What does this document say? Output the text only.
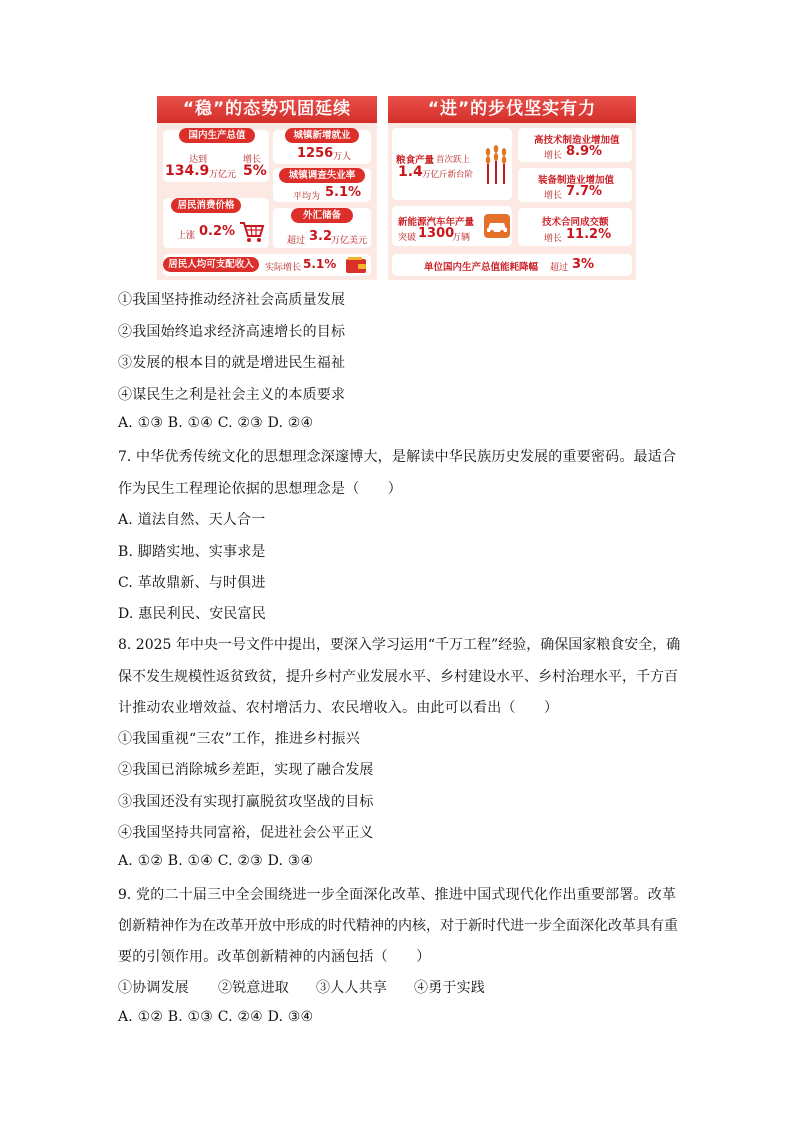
“稳”的态势巩固延续
国内生产总值
达到
134.9 万亿元
增长
5%
城镇新增就业
1256 万人
城镇调查失业率
平均为 5.1%
居民消费价格
上涨 0.2%
外汇储备
超过 3.2
万亿美元
居民人均可支配收入	实际增长 5.1%
“进”的步伐坚实有力
粮食产量 首次跃上
1.4 万亿斤新台阶
高技术制造业增加值
增长 8.9%
装备制造业增加值
增长 7.7%
新能源汽车年产量
突破 1300
万辆
技术合同成交额
增长 11.2%
单位国内生产总值能耗降幅 超过 3%
①我国坚持推动经济社会高质量发展
②我国始终追求经济高速增长的目标
③发展的根本目的就是增进民生福祉
④谋民生之利是社会主义的本质要求
A. ①③ B. ①④ C. ②③ D. ②④
7. 中华优秀传统文化的思想理念深邃博大，是解读中华民族历史发展的重要密码。最适合
作为民生工程理论依据的思想理念是（　　）
A. 道法自然、天人合一
B. 脚踏实地、实事求是
C. 革故鼎新、与时俱进
D. 惠民利民、安民富民
8. 2025 年中央一号文件中提出，要深入学习运用“千万工程”经验，确保国家粮食安全，确
保不发生规模性返贫致贫，提升乡村产业发展水平、乡村建设水平、乡村治理水平，千方百
计推动农业增效益、农村增活力、农民增收入。由此可以看出（　　）
①我国重视“三农”工作，推进乡村振兴
②我国已消除城乡差距，实现了融合发展
③我国还没有实现打赢脱贫攻坚战的目标
④我国坚持共同富裕，促进社会公平正义
A. ①② B. ①④ C. ②③ D. ③④
9. 党的二十届三中全会围绕进一步全面深化改革、推进中国式现代化作出重要部署。改革
创新精神作为在改革开放中形成的时代精神的内核，对于新时代进一步全面深化改革具有重
要的引领作用。改革创新精神的内涵包括（　　）
①协调发展 ②锐意进取 ③人人共享 ④勇于实践
A. ①② B. ①③ C. ②④ D. ③④
